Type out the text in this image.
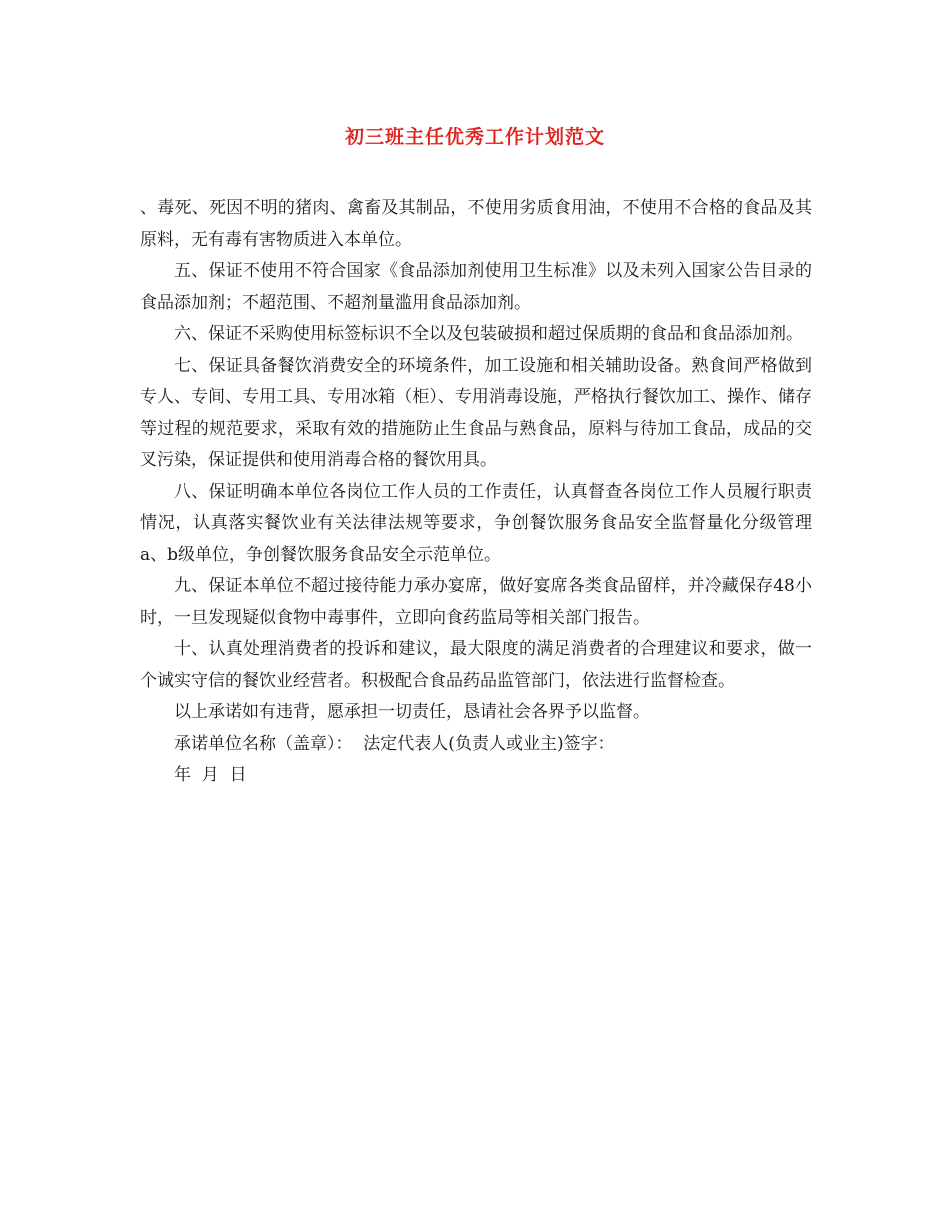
初三班主任优秀工作计划范文

、毒死、死因不明的猪肉、禽畜及其制品，不使用劣质食用油，不使用不合格的食品及其原料，无有毒有害物质进入本单位。

五、保证不使用不符合国家《食品添加剂使用卫生标准》以及未列入国家公告目录的食品添加剂；不超范围、不超剂量滥用食品添加剂。

六、保证不采购使用标签标识不全以及包装破损和超过保质期的食品和食品添加剂。

七、保证具备餐饮消费安全的环境条件，加工设施和相关辅助设备。熟食间严格做到专人、专间、专用工具、专用冰箱（柜）、专用消毒设施，严格执行餐饮加工、操作、储存等过程的规范要求，采取有效的措施防止生食品与熟食品，原料与待加工食品，成品的交叉污染，保证提供和使用消毒合格的餐饮用具。

八、保证明确本单位各岗位工作人员的工作责任，认真督查各岗位工作人员履行职责情况，认真落实餐饮业有关法律法规等要求，争创餐饮服务食品安全监督量化分级管理a、b级单位，争创餐饮服务食品安全示范单位。

九、保证本单位不超过接待能力承办宴席，做好宴席各类食品留样，并冷藏保存48小时，一旦发现疑似食物中毒事件，立即向食药监局等相关部门报告。

十、认真处理消费者的投诉和建议，最大限度的满足消费者的合理建议和要求，做一个诚实守信的餐饮业经营者。积极配合食品药品监管部门，依法进行监督检查。

以上承诺如有违背，愿承担一切责任，恳请社会各界予以监督。

承诺单位名称（盖章）：  法定代表人(负责人或业主)签字：

年  月  日
